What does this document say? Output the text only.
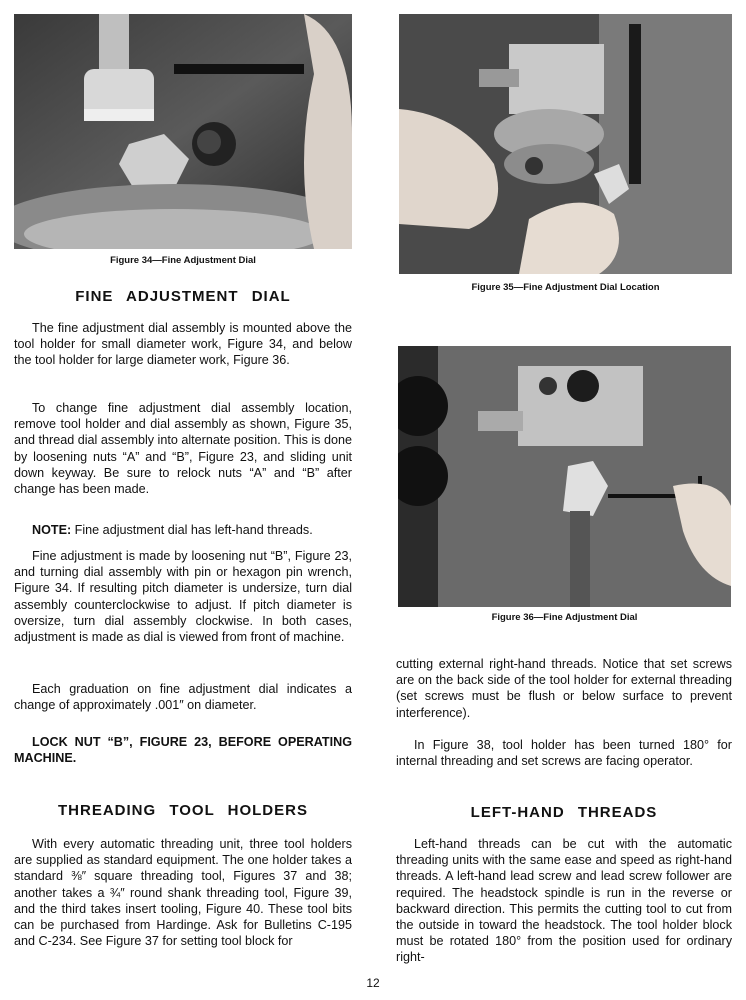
Figure 34—Fine Adjustment Dial
Figure 35—Fine Adjustment Dial Location
Figure 36—Fine Adjustment Dial
FINE ADJUSTMENT DIAL

The fine adjustment dial assembly is mounted above the tool holder for small diameter work, Figure 34, and below the tool holder for large diameter work, Figure 36.

To change fine adjustment dial assembly location, remove tool holder and dial assembly as shown, Figure 35, and thread dial assembly into alternate position. This is done by loosening nuts “A” and “B”, Figure 23, and sliding unit down keyway. Be sure to relock nuts “A” and “B” after change has been made.

NOTE: Fine adjustment dial has left-hand threads.

Fine adjustment is made by loosening nut “B”, Figure 23, and turning dial assembly with pin or hexagon pin wrench, Figure 34. If resulting pitch diameter is undersize, turn dial assembly counterclockwise to adjust. If pitch diameter is oversize, turn dial assembly clockwise. In both cases, adjustment is made as dial is viewed from front of machine.

Each graduation on fine adjustment dial indicates a change of approximately .001″ on diameter.

LOCK NUT “B”, FIGURE 23, BEFORE OPERATING MACHINE.

THREADING TOOL HOLDERS

With every automatic threading unit, three tool holders are supplied as standard equipment. The one holder takes a standard ⅜″ square threading tool, Figures 37 and 38; another takes a ¾″ round shank threading tool, Figure 39, and the third takes insert tooling, Figure 40. These tool bits can be purchased from Hardinge. Ask for Bulletins C-195 and C-234. See Figure 37 for setting tool block for

cutting external right-hand threads. Notice that set screws are on the back side of the tool holder for external threading (set screws must be flush or below surface to prevent interference).

In Figure 38, tool holder has been turned 180° for internal threading and set screws are facing operator.

LEFT-HAND THREADS

Left-hand threads can be cut with the automatic threading units with the same ease and speed as right-hand threads. A left-hand lead screw and lead screw follower are required. The headstock spindle is run in the reverse or backward direction. This permits the cutting tool to cut from the outside in toward the headstock. The tool holder block must be rotated 180° from the position used for ordinary right-

12
